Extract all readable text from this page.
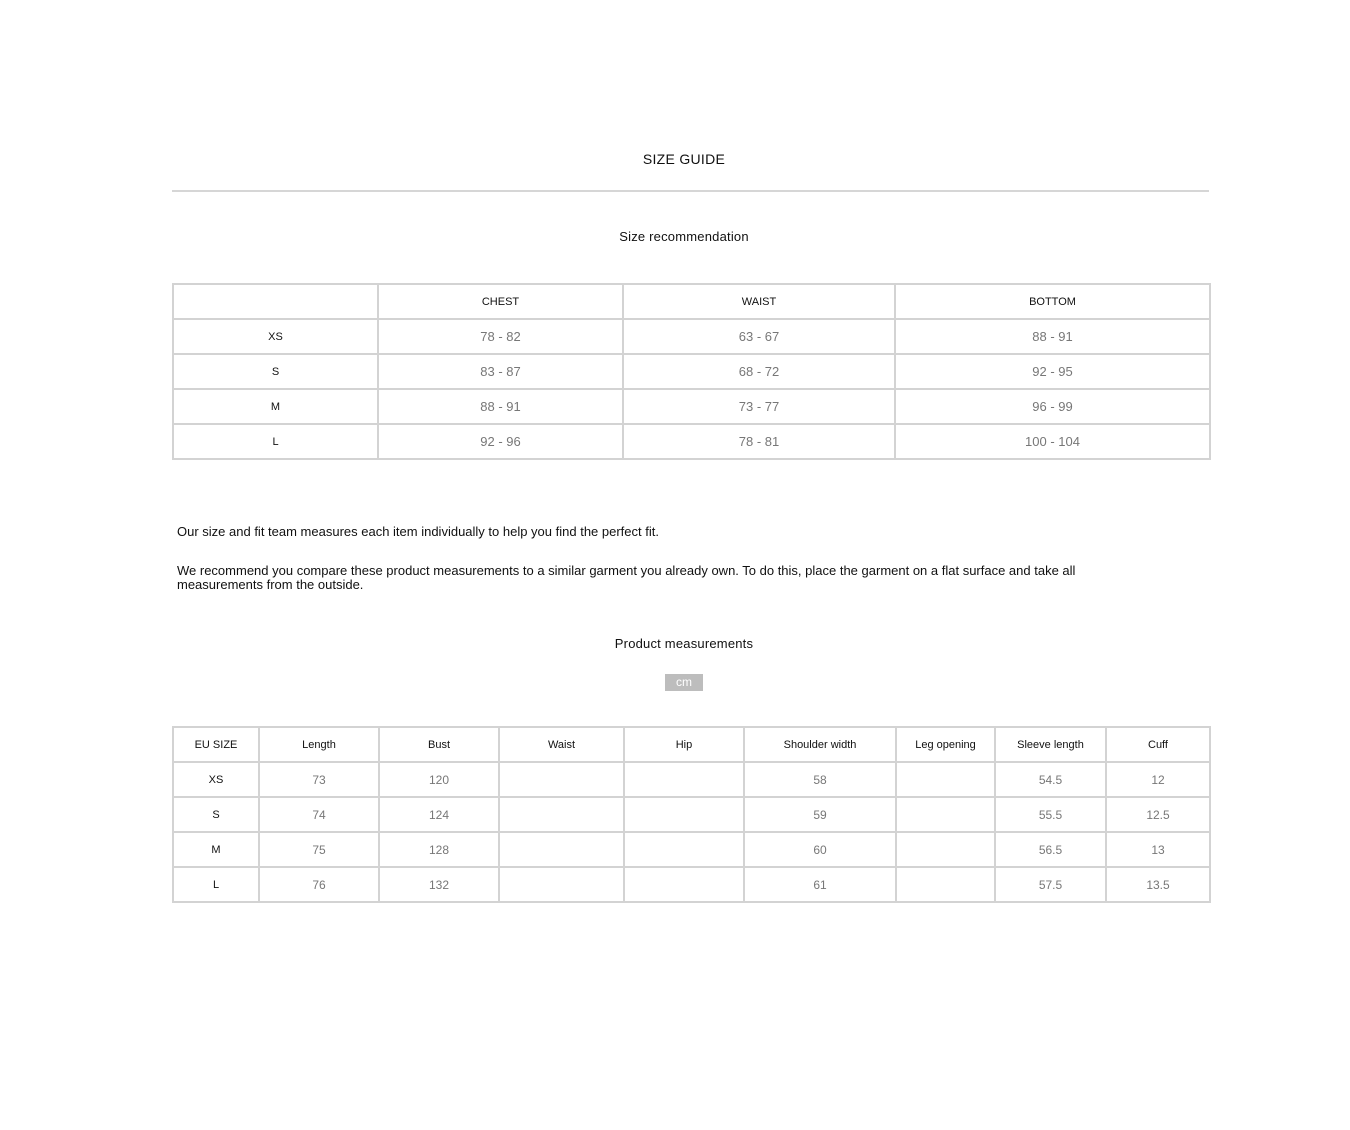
SIZE GUIDE
Size recommendation
	CHEST	WAIST	BOTTOM
XS	78 - 82	63 - 67	88 - 91
S	83 - 87	68 - 72	92 - 95
M	88 - 91	73 - 77	96 - 99
L	92 - 96	78 - 81	100 - 104
Our size and fit team measures each item individually to help you find the perfect fit.
We recommend you compare these product measurements to a similar garment you already own. To do this, place the garment on a flat surface and take all measurements from the outside.
Product measurements
cm
EU SIZE	Length	Bust	Waist	Hip	Shoulder width	Leg opening	Sleeve length	Cuff
XS	73	120			58		54.5	12
S	74	124			59		55.5	12.5
M	75	128			60		56.5	13
L	76	132			61		57.5	13.5
